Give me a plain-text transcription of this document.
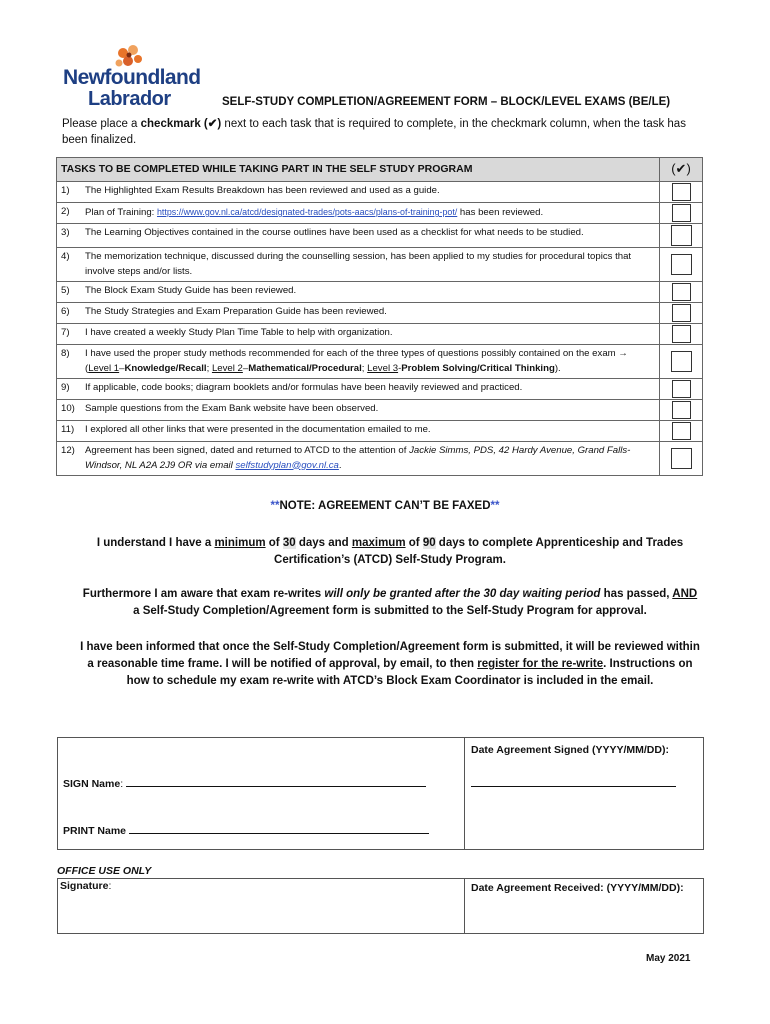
Newfoundland
Labrador	SELF-STUDY COMPLETION/AGREEMENT FORM – BLOCK/LEVEL EXAMS (BE/LE)
Please place a checkmark (✔) next to each task that is required to complete, in the checkmark column, when the task has been finalized.
TASKS TO BE COMPLETED WHILE TAKING PART IN THE SELF STUDY PROGRAM	(✔)

1) The Highlighted Exam Results Breakdown has been reviewed and used as a guide.	

2) Plan of Training: https://www.gov.nl.ca/atcd/designated-trades/pots-aacs/plans-of-training-pot/ has been reviewed.	

3) The Learning Objectives contained in the course outlines have been used as a checklist for what needs to be studied.	

4) The memorization technique, discussed during the counselling session, has been applied to my studies for procedural topics that involve steps and/or lists.	

5) The Block Exam Study Guide has been reviewed.	

6) The Study Strategies and Exam Preparation Guide has been reviewed.	

7) I have created a weekly Study Plan Time Table to help with organization.	

8) I have used the proper study methods recommended for each of the three types of questions possibly contained on the exam →
(Level 1–Knowledge/Recall; Level 2–Mathematical/Procedural; Level 3-Problem Solving/Critical Thinking).	

9) If applicable, code books; diagram booklets and/or formulas have been heavily reviewed and practiced.	

10) Sample questions from the Exam Bank website have been observed.	

11) I explored all other links that were presented in the documentation emailed to me.	

12) Agreement has been signed, dated and returned to ATCD to the attention of Jackie Simms, PDS, 42 Hardy Avenue, Grand Falls-Windsor, NL A2A 2J9 OR via email selfstudyplan@gov.nl.ca.	

**NOTE: AGREEMENT CAN’T BE FAXED**
I understand I have a minimum of 30 days and maximum of 90 days to complete Apprenticeship and Trades Certification’s (ATCD) Self-Study Program.
Furthermore I am aware that exam re-writes will only be granted after the 30 day waiting period has passed, AND a Self-Study Completion/Agreement form is submitted to the Self-Study Program for approval.
I have been informed that once the Self-Study Completion/Agreement form is submitted, it will be reviewed within a reasonable time frame. I will be notified of approval, by email, to then register for the re-write. Instructions on how to schedule my exam re-write with ATCD’s Block Exam Coordinator is included in the email.
Date Agreement Signed (YYYY/MM/DD):
SIGN Name:
PRINT Name
OFFICE USE ONLY
Signature:	Date Agreement Received: (YYYY/MM/DD):
May 2021
